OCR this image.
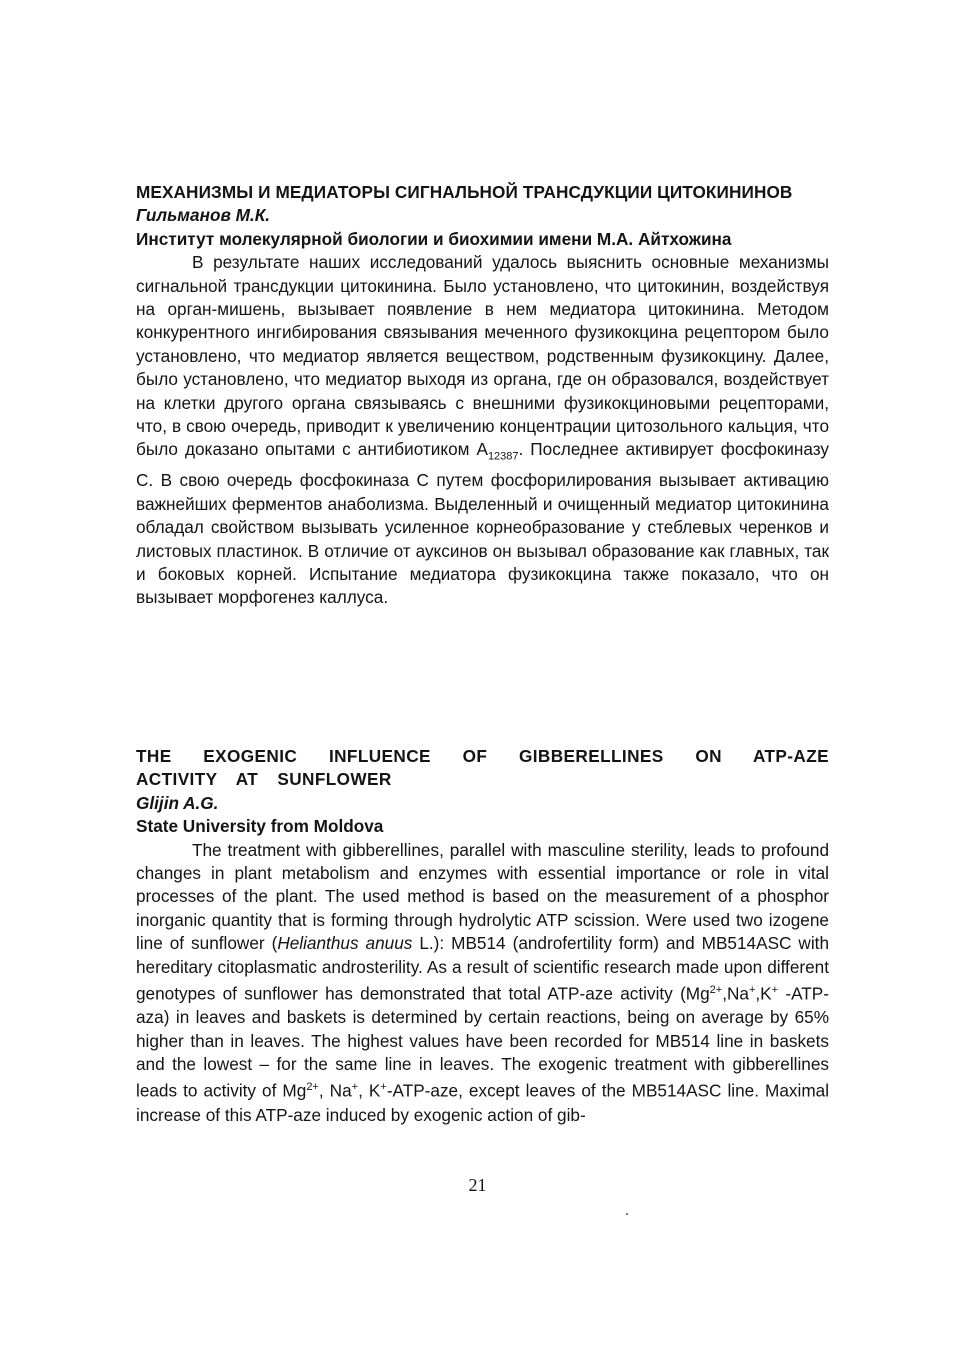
МЕХАНИЗМЫ И МЕДИАТОРЫ СИГНАЛЬНОЙ ТРАНСДУКЦИИ ЦИТОКИНИНОВ
Гильманов М.К.
Институт молекулярной биологии и биохимии имени М.А. Айтхожина
В результате наших исследований удалось выяснить основные механизмы сигнальной трансдукции цитокинина. Было установлено, что цитокинин, воздействуя на орган-мишень, вызывает появление в нем медиатора цитокинина. Методом конкурентного ингибирования связывания меченного фузикокцина рецептором было установлено, что медиатор является веществом, родственным фузикокцину. Далее, было установлено, что медиатор выходя из органа, где он образовался, воздействует на клетки другого органа связываясь с внешними фузикокциновыми рецепторами, что, в свою очередь, приводит к увеличению концентрации цитозольного кальция, что было доказано опытами с антибиотиком $А_{12387}$. Последнее активирует фосфокиназу С. В свою очередь фосфокиназа С путем фосфорилирования вызывает активацию важнейших ферментов анаболизма. Выделенный и очищенный медиатор цитокинина обладал свойством вызывать усиленное корнеобразование у стеблевых черенков и листовых пластинок. В отличие от ауксинов он вызывал образование как главных, так и боковых корней. Испытание медиатора фузикокцина также показало, что он вызывает морфогенез каллуса.
THE EXOGENIC INFLUENCE OF GIBBERELLINES ON ATP-AZE ACTIVITY AT SUNFLOWER
Glijin A.G.
State University from Moldova
The treatment with gibberellines, parallel with masculine sterility, leads to profound changes in plant metabolism and enzymes with essential importance or role in vital processes of the plant. The used method is based on the measurement of a phosphor inorganic quantity that is forming through hydrolytic ATP scission. Were used two izogene line of sunflower (Helianthus anuus L.): MB514 (androfertility form) and MB514ASC with hereditary citoplasmatic androsterility. As a result of scientific research made upon different genotypes of sunflower has demonstrated that total ATP-aze activity ($Mg^{2+},Na^+,K^+$ -ATP-aza) in leaves and baskets is determined by certain reactions, being on average by 65% higher than in leaves. The highest values have been recorded for MB514 line in baskets and the lowest – for the same line in leaves. The exogenic treatment with gibberellines leads to activity of $Mg^{2+}$, Na+, K+-ATP-aze, except leaves of the MB514ASC line. Maximal increase of this ATP-aze induced by exogenic action of gib-
21
